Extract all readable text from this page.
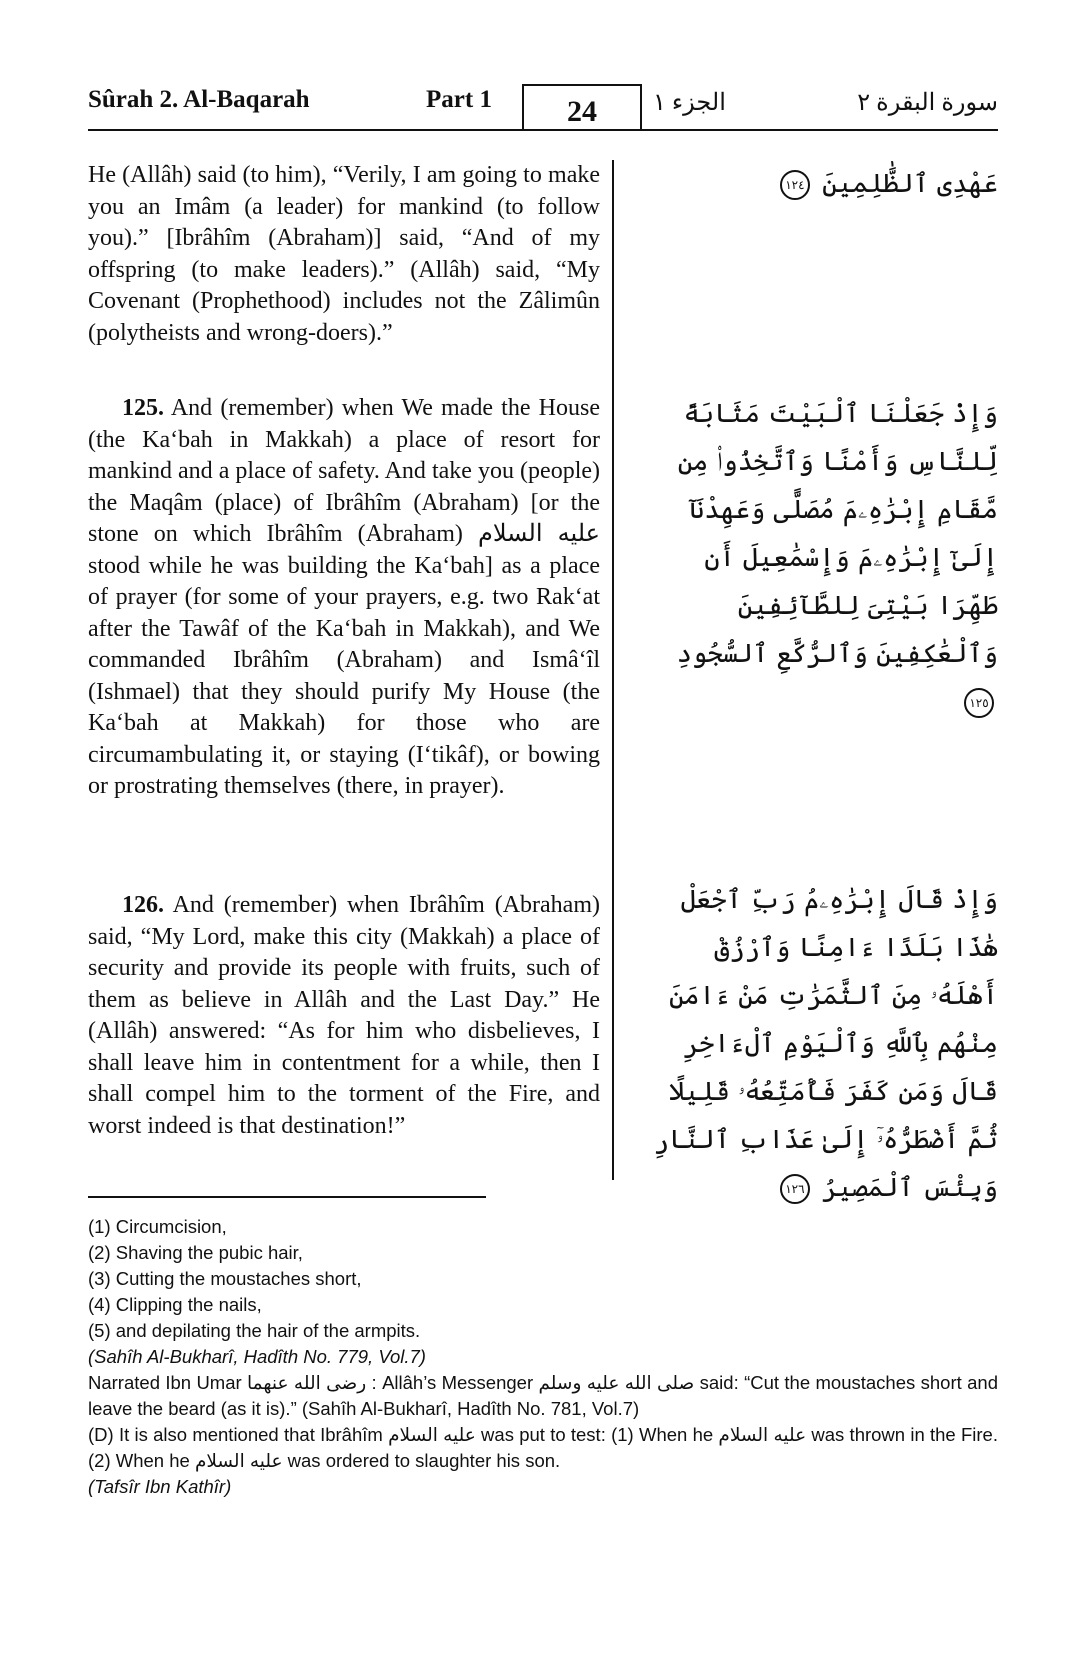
Sûrah 2. Al-Baqarah	Part 1	24	الجزء ١	سورة البقرة ٢

He (Allâh) said (to him), “Verily, I am going to make you an Imâm (a leader) for mankind (to follow you).” [Ibrâhîm (Abraham)] said, “And of my offspring (to make leaders).” (Allâh) said, “My Covenant (Prophethood) includes not the Zâlimûn (polytheists and wrong-doers).”

125. And (remember) when We made the House (the Ka‘bah in Makkah) a place of resort for mankind and a place of safety. And take you (people) the Maqâm (place) of Ibrâhîm (Abraham) [or the stone on which Ibrâhîm (Abraham) عليه السلام stood while he was building the Ka‘bah] as a place of prayer (for some of your prayers, e.g. two Rak‘at after the Tawâf of the Ka‘bah in Makkah), and We commanded Ibrâhîm (Abraham) and Ismâ‘îl (Ishmael) that they should purify My House (the Ka‘bah at Makkah) for those who are circumambulating it, or staying (I‘tikâf), or bowing or prostrating themselves (there, in prayer).

126. And (remember) when Ibrâhîm (Abraham) said, “My Lord, make this city (Makkah) a place of security and provide its people with fruits, such of them as believe in Allâh and the Last Day.” He (Allâh) answered: “As for him who disbelieves, I shall leave him in contentment for a while, then I shall compel him to the torment of the Fire, and worst indeed is that destination!”

عَهْدِى ٱلظَّٰلِمِينَ ١٢٤
وَإِذْ جَعَلْنَا ٱلْبَيْتَ مَثَابَةً لِّلنَّاسِ وَأَمْنًا وَٱتَّخِذُوا۟ مِن مَّقَامِ إِبْرَٰهِۦمَ مُصَلًّى وَعَهِدْنَآ إِلَىٰٓ إِبْرَٰهِۦمَ وَإِسْمَٰعِيلَ أَن طَهِّرَا بَيْتِىَ لِلطَّآئِفِينَ وَٱلْعَٰكِفِينَ وَٱلرُّكَّعِ ٱلسُّجُودِ ١٢٥
وَإِذْ قَالَ إِبْرَٰهِۦمُ رَبِّ ٱجْعَلْ هَٰذَا بَلَدًا ءَامِنًا وَٱرْزُقْ أَهْلَهُۥ مِنَ ٱلثَّمَرَٰتِ مَنْ ءَامَنَ مِنْهُم بِٱللَّهِ وَٱلْيَوْمِ ٱلْءَاخِرِ قَالَ وَمَن كَفَرَ فَأُمَتِّعُهُۥ قَلِيلًا ثُمَّ أَضْطَرُّهُۥٓ إِلَىٰ عَذَابِ ٱلنَّارِ وَبِئْسَ ٱلْمَصِيرُ ١٢٦
(1) Circumcision,
(2) Shaving the pubic hair,
(3) Cutting the moustaches short,
(4) Clipping the nails,
(5) and depilating the hair of the armpits.
(Sahîh Al-Bukharî, Hadîth No. 779, Vol.7)
Narrated Ibn Umar رضى الله عنهما : Allâh’s Messenger صلى الله عليه وسلم said: “Cut the moustaches short and leave the beard (as it is).” (Sahîh Al-Bukharî, Hadîth No. 781, Vol.7)
(D) It is also mentioned that Ibrâhîm عليه السلام was put to test: (1) When he عليه السلام was thrown in the Fire. (2) When he عليه السلام was ordered to slaughter his son.
(Tafsîr Ibn Kathîr)
